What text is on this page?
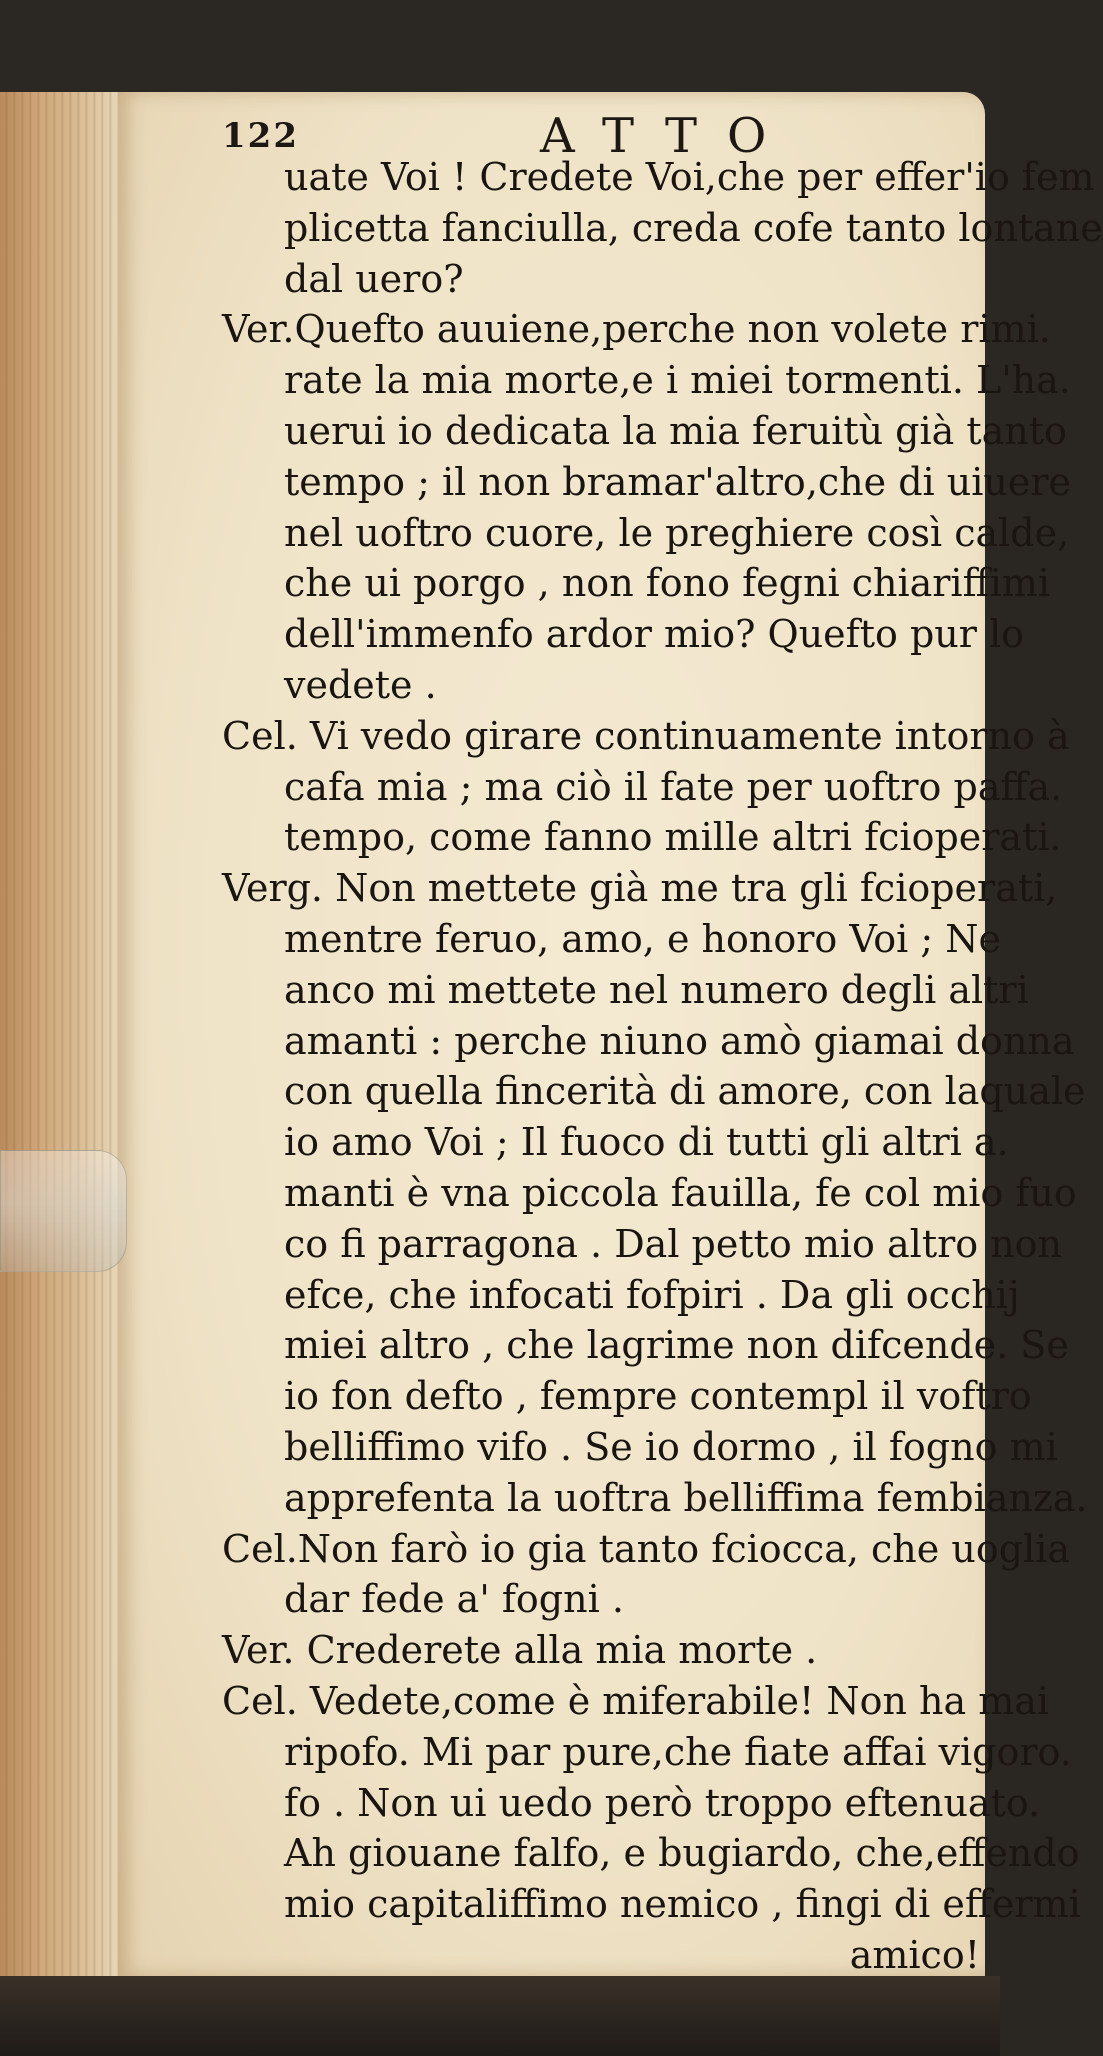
122	ATTO
uate Voi ! Credete Voi,che per effer'io fem
plicetta fanciulla, creda cofe tanto lontane
dal uero?
Ver.Quefto auuiene,perche non volete rimi.
rate la mia morte,e i miei tormenti. L'ha.
uerui io dedicata la mia feruitù già tanto
tempo ; il non bramar'altro,che di uiuere
nel uoftro cuore, le preghiere così calde,
che ui porgo , non fono fegni chiariffimi
dell'immenfo ardor mio? Quefto pur lo
vedete .
Cel. Vi vedo girare continuamente intorno à
cafa mia ; ma ciò il fate per uoftro paffa.
tempo, come fanno mille altri fcioperati.
Verg. Non mettete già me tra gli fcioperati,
mentre feruo, amo, e honoro Voi ; Ne
anco mi mettete nel numero degli altri
amanti : perche niuno amò giamai donna
con quella fincerità di amore, con laquale
io amo Voi ; Il fuoco di tutti gli altri a.
manti è vna piccola fauilla, fe col mio fuo
co fi parragona . Dal petto mio altro non
efce, che infocati fofpiri . Da gli occhij
miei altro , che lagrime non difcende. Se
io fon defto , fempre contempl il voftro
belliffimo vifo . Se io dormo , il fogno mi
apprefenta la uoftra belliffima fembianza.
Cel.Non farò io gia tanto fciocca, che uoglia
dar fede a' fogni .
Ver. Crederete alla mia morte .
Cel. Vedete,come è miferabile! Non ha mai
ripofo. Mi par pure,che fiate affai vigoro.
fo . Non ui uedo però troppo eftenuato.
Ah giouane falfo, e bugiardo, che,effendo
mio capitaliffimo nemico , fingi di effermi
amico!
